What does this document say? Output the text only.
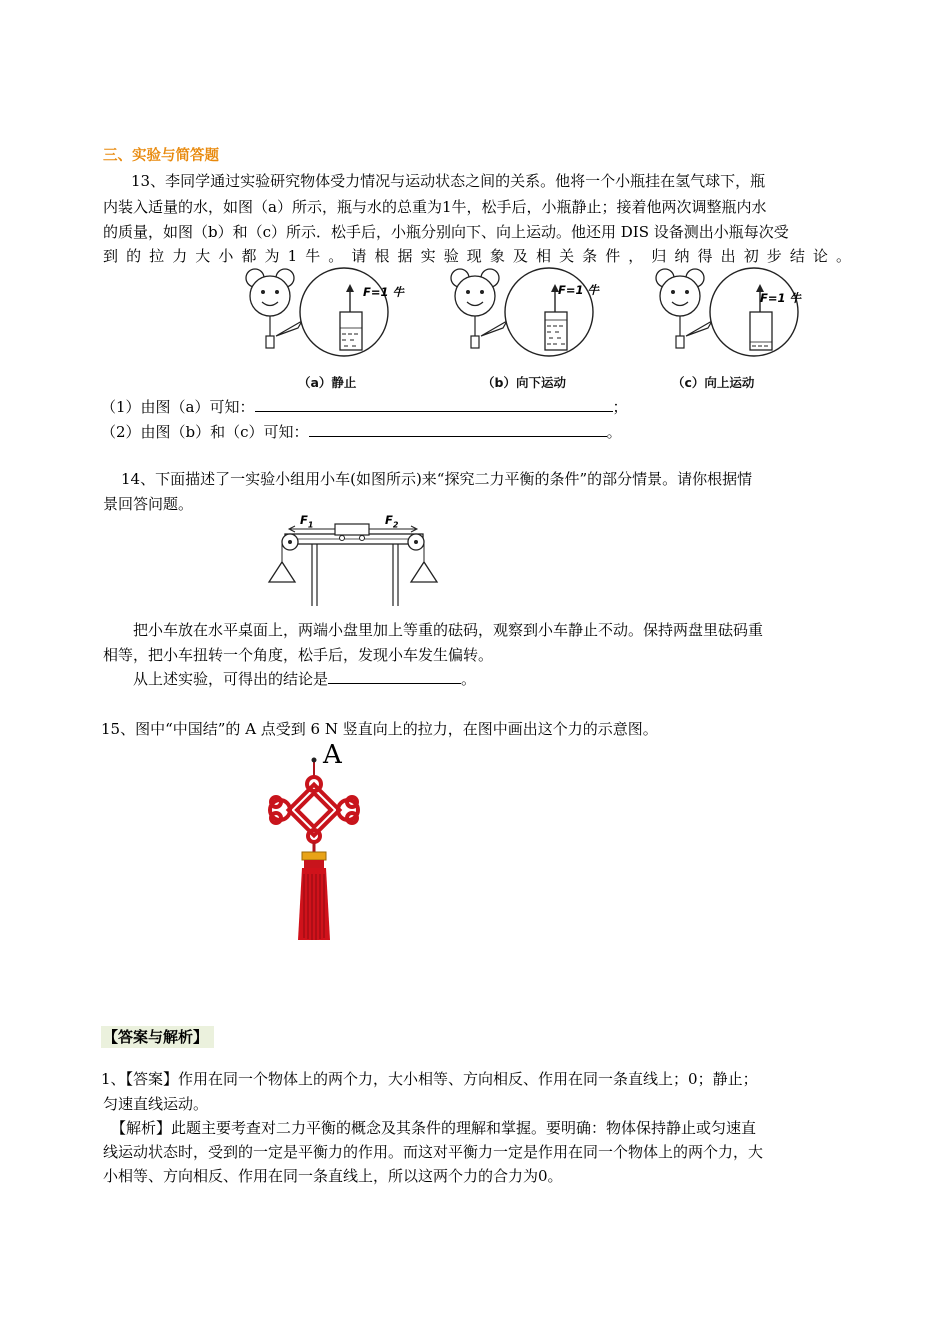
三、实验与简答题
13、李同学通过实验研究物体受力情况与运动状态之间的关系。他将一个小瓶挂在氢气球下，瓶
内装入适量的水，如图（a）所示，瓶与水的总重为1牛，松手后，小瓶静止；接着他两次调整瓶内水
的质量，如图（b）和（c）所示．松手后，小瓶分别向下、向上运动。他还用 DIS 设备测出小瓶每次受
到的拉力大小都为1牛。请根据实验现象及相关条件，归纳得出初步结论。
F=1 牛	F=1 牛
F=1 牛
（a）静止	（b）向下运动	（c）向上运动
（1）由图（a）可知：	；
（2）由图（b）和（c）可知：	。
14、下面描述了一实验小组用小车(如图所示)来“探究二力平衡的条件”的部分情景。请你根据情
景回答问题。
$F_1$	$F_2$
把小车放在水平桌面上，两端小盘里加上等重的砝码，观察到小车静止不动。保持两盘里砝码重
相等，把小车扭转一个角度，松手后，发现小车发生偏转。
从上述实验，可得出的结论是	。
15、图中“中国结”的 A 点受到 6 N 竖直向上的拉力，在图中画出这个力的示意图。
A
【答案与解析】
1、【答案】作用在同一个物体上的两个力，大小相等、方向相反、作用在同一条直线上；0；静止；
匀速直线运动。
【解析】此题主要考查对二力平衡的概念及其条件的理解和掌握。要明确：物体保持静止或匀速直
线运动状态时，受到的一定是平衡力的作用。而这对平衡力一定是作用在同一个物体上的两个力，大
小相等、方向相反、作用在同一条直线上，所以这两个力的合力为0。
